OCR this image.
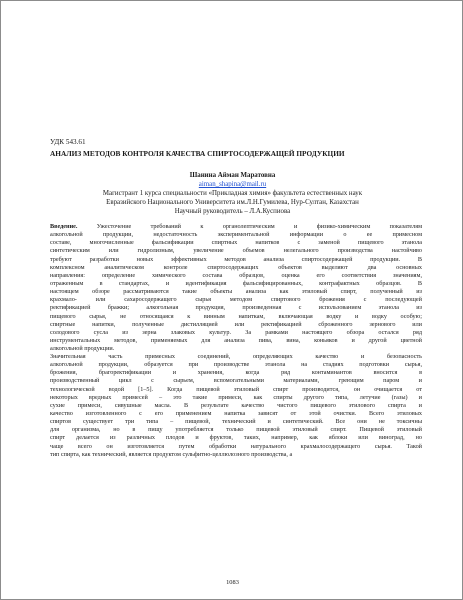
УДК 543.61
АНАЛИЗ МЕТОДОВ КОНТРОЛЯ КАЧЕСТВА СПИРТОСОДЕРЖАЩЕЙ ПРОДУКЦИИ
Шанина Айман Маратовна
aiman_shapina@mail.ru
Магистрант 1 курса специальности «Прикладная химия» факультета естественных наук
Евразийского Национального Университета им.Л.Н.Гумилева, Нур-Султан, Казахстан
Научный руководитель – Л.А.Куспиова
Введение. Ужесточение требований к органолептическим и физико-химическим показателям
алкогольной продукции, недостаточность экспериментальной информации о ее примесном
составе, многочисленные фальсификации спиртных напитков с заменой пищевого этанола
синтетическим или гидролизным, увеличение объемов нелегального производства настойчиво
требуют разработки новых эффективных методов анализа спиртосодержащей продукции. В
комплексном аналитическом контроле спиртосодержащих объектов выделяют два основных
направления: определение химического состава образцов, оценка его соответствия значениям,
отраженным в стандартах, и идентификация фальсифицированных, контрафактных образцов. В
настоящем обзоре рассматриваются такие объекты анализа как этиловый спирт, полученный из
крахмало- или сахаросодержащего сырья методом спиртового брожения с последующей
ректификацией бражки; алкогольная продукция, произведенная с использованием этанола из
пищевого сырья, не относящаяся к винным напиткам, включающая водку и водку особую;
спиртные напитки, полученные дистилляцией или ректификацией сброженного зернового или
солодового сусла из зерна злаковых культур. За рамками настоящего обзора остался ряд
инструментальных методов, применяемых для анализа пива, вина, коньяков и другой цветной
алкогольной продукции.
Значительная часть примесных соединений, определяющих качество и безопасность
алкогольной продукции, образуется при производстве этанола на стадиях подготовки сырья,
брожения, брагоректификации и хранения, когда ряд контаминантов вносится в
производственный цикл с сырьем, вспомогательными материалами, греющим паром и
технологической водой [1–5]. Когда пищевой этиловый спирт производится, он очищается от
некоторых вредных примесей – это такие примеси, как спирты другого типа, летучие (газы) и
сухие примеси, сивушные масла. В результате качество чистого пищевого этилового спирта и
качество изготовленного с его применением напитка зависят от этой очистки. Всего этиловых
спиртов существует три типа – пищевой, технический и синтетический. Все они не токсичны
для организма, но в пищу употребляется только пищевой этиловый спирт. Пищевой этиловый
спирт делается из различных плодов и фруктов, таких, например, как яблоки или виноград, но
чаще всего он изготовляется путем обработки натурального крахмалосодержащего сырья. Такой
тип спирта, как технический, является продуктом сульфитно-целлюлозного производства, а
1083
